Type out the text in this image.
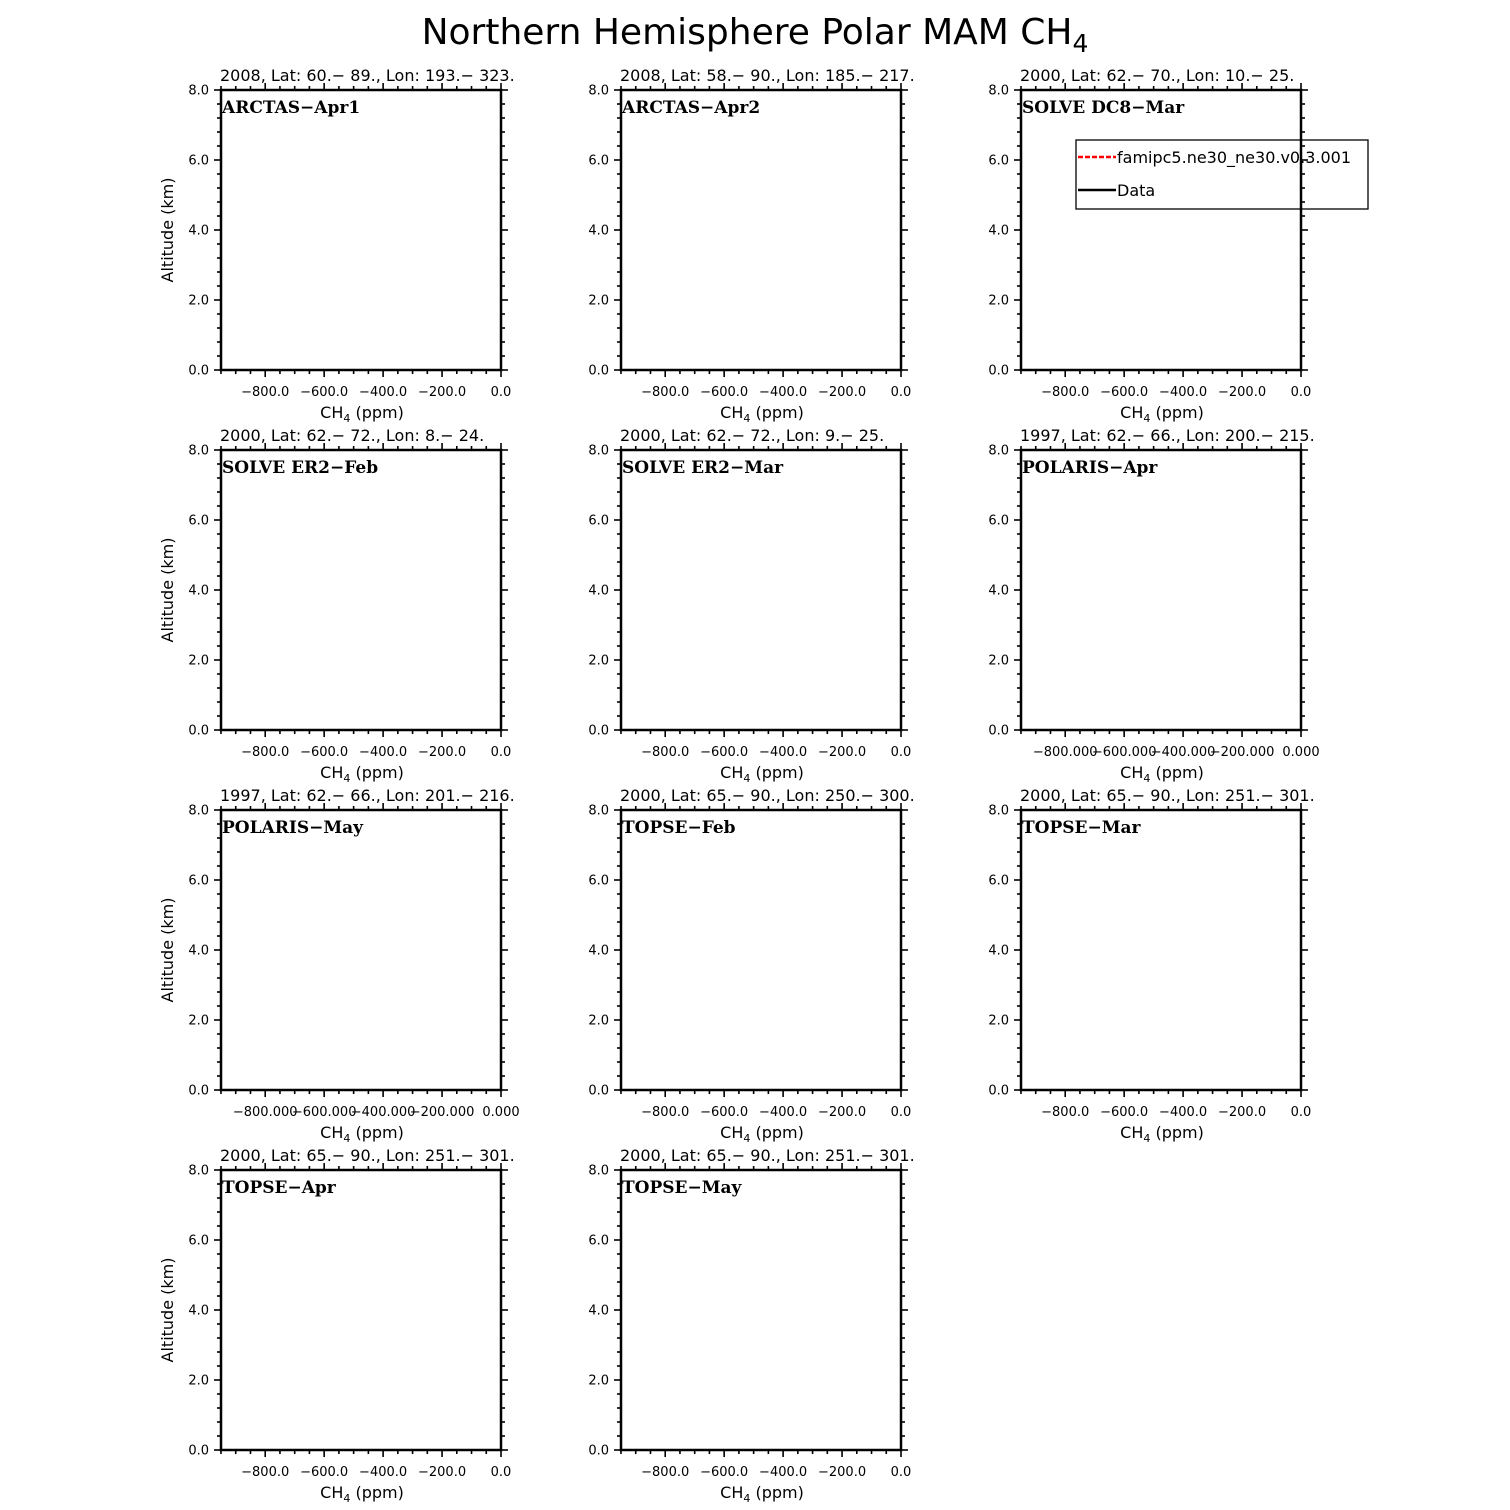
Northern Hemisphere Polar MAM $CH_4$
2008, Lat: 60.− 89., Lon: 193.− 323.
0.0
2.0
4.0
6.0
8.0
−800.0 −600.0 −400.0 −200.0 0.0
$CH_4$ (ppm)
Altitude (km)
ARCTAS−Apr1
2008, Lat: 58.− 90., Lon: 185.− 217.
0.0
2.0
4.0
6.0
8.0
−800.0 −600.0 −400.0 −200.0 0.0
$CH_4$ (ppm)
ARCTAS−Apr2
2000, Lat: 62.− 70., Lon: 10.− 25.
0.0
2.0
4.0
6.0
8.0
−800.0 −600.0 −400.0 −200.0 0.0
$CH_4$ (ppm)
SOLVE DC8−Mar
famipc5.ne30_ne30.v0.3.001
Data
2000, Lat: 62.− 72., Lon: 8.− 24.
0.0
2.0
4.0
6.0
8.0
−800.0 −600.0 −400.0 −200.0 0.0
$CH_4$ (ppm)
Altitude (km)
SOLVE ER2−Feb
2000, Lat: 62.− 72., Lon: 9.− 25.
0.0
2.0
4.0
6.0
8.0
−800.0 −600.0 −400.0 −200.0 0.0
$CH_4$ (ppm)
SOLVE ER2−Mar
1997, Lat: 62.− 66., Lon: 200.− 215.
0.0
2.0
4.0
6.0
8.0
−800.000
−600.000
−400.000
−200.000 0.000
$CH_4$ (ppm)
POLARIS−Apr
1997, Lat: 62.− 66., Lon: 201.− 216.
0.0
2.0
4.0
6.0
8.0
−800.000
−600.000
−400.000
−200.000 0.000
$CH_4$ (ppm)
Altitude (km)
POLARIS−May
2000, Lat: 65.− 90., Lon: 250.− 300.
0.0
2.0
4.0
6.0
8.0
−800.0 −600.0 −400.0 −200.0 0.0
$CH_4$ (ppm)
TOPSE−Feb
2000, Lat: 65.− 90., Lon: 251.− 301.
0.0
2.0
4.0
6.0
8.0
−800.0 −600.0 −400.0 −200.0 0.0
$CH_4$ (ppm)
TOPSE−Mar
2000, Lat: 65.− 90., Lon: 251.− 301.
0.0
2.0
4.0
6.0
8.0
−800.0 −600.0 −400.0 −200.0 0.0
$CH_4$ (ppm)
Altitude (km)
TOPSE−Apr
2000, Lat: 65.− 90., Lon: 251.− 301.
0.0
2.0
4.0
6.0
8.0
−800.0 −600.0 −400.0 −200.0 0.0
$CH_4$ (ppm)
TOPSE−May
